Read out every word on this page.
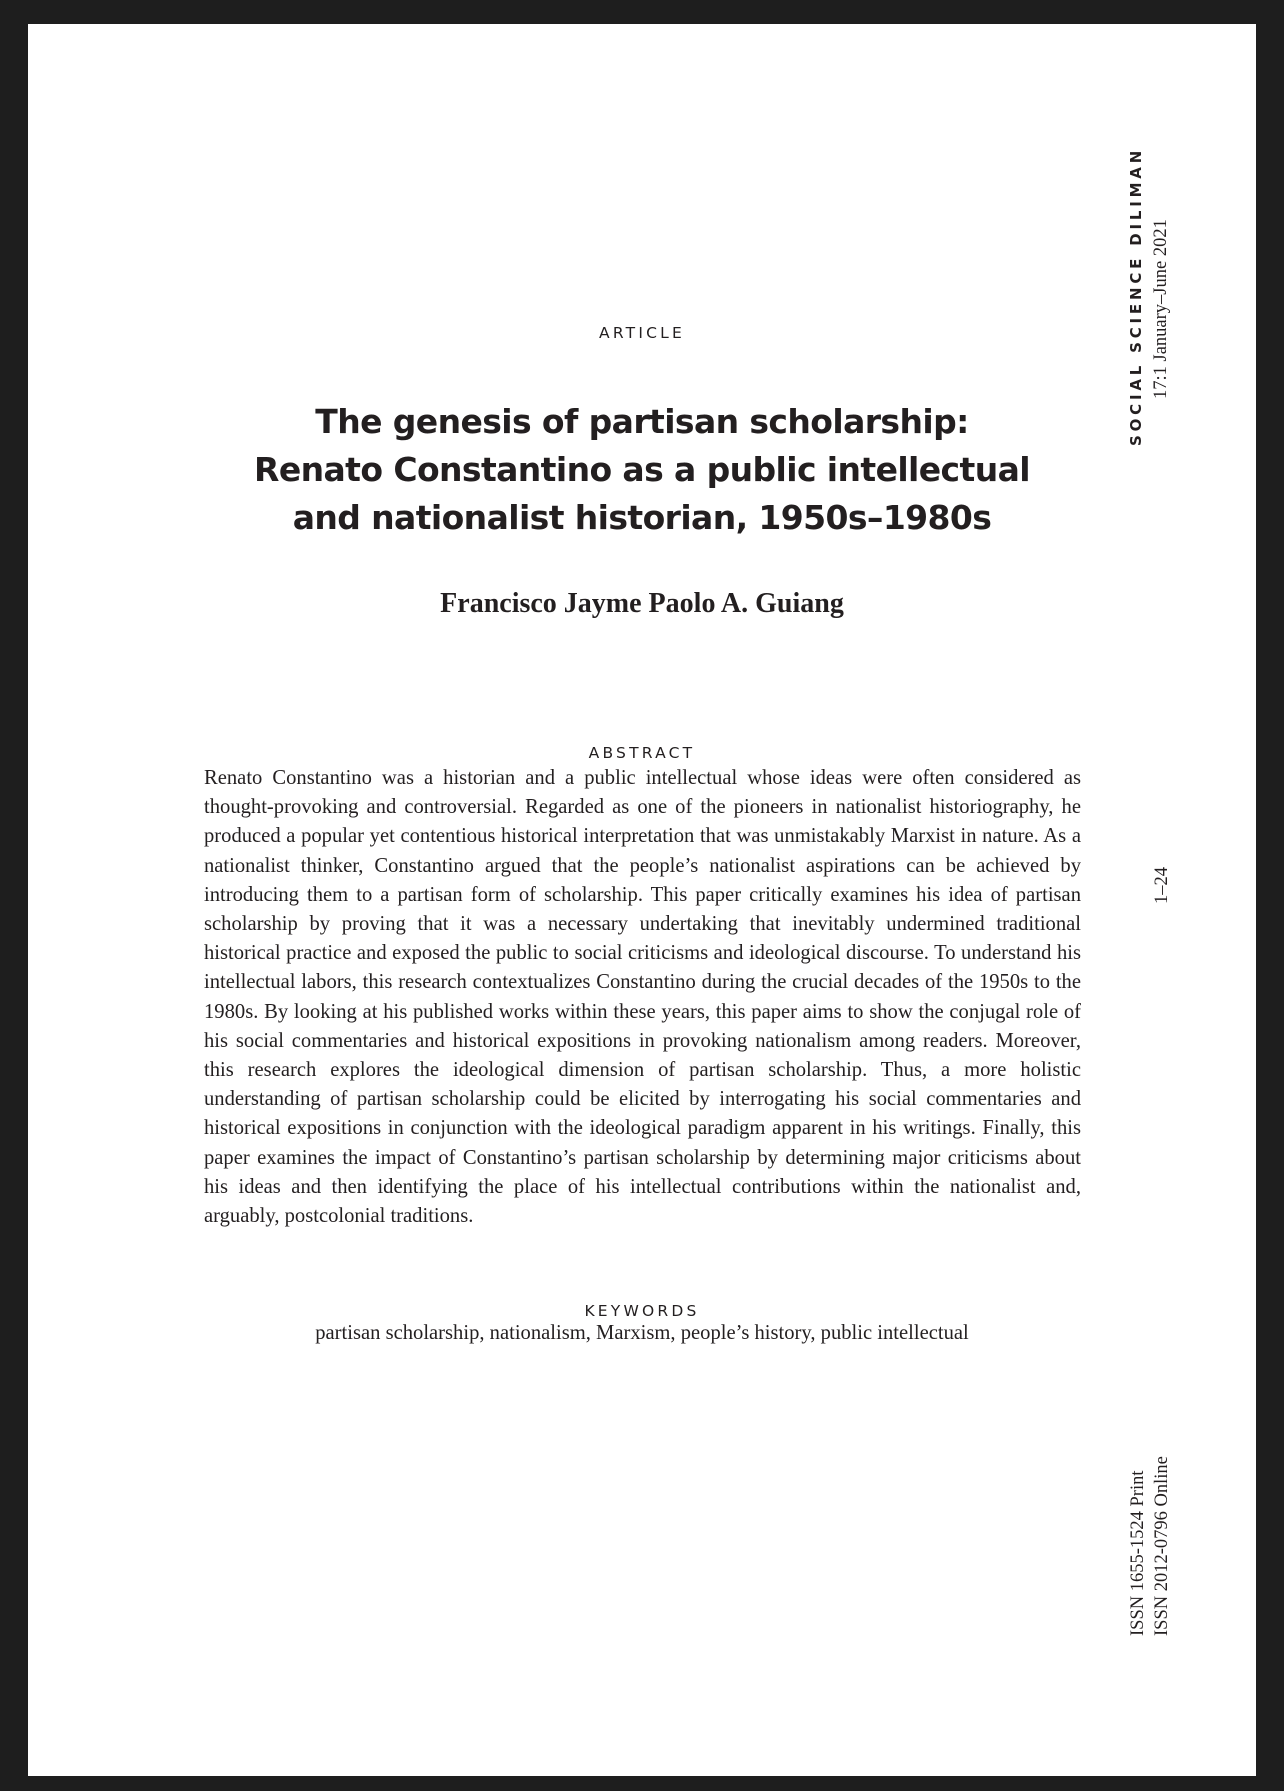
ARTICLE
The genesis of partisan scholarship:
Renato Constantino as a public intellectual
and nationalist historian, 1950s–1980s
Francisco Jayme Paolo A. Guiang
ABSTRACT

Renato Constantino was a historian and a public intellectual whose ideas were often considered as thought-provoking and controversial. Regarded as one of the pioneers in nationalist historiography, he produced a popular yet contentious historical interpretation that was unmistakably Marxist in nature. As a nationalist thinker, Constantino argued that the people’s nationalist aspirations can be achieved by introducing them to a partisan form of scholarship. This paper critically examines his idea of partisan scholarship by proving that it was a necessary undertaking that inevitably undermined traditional historical practice and exposed the public to social criticisms and ideological discourse. To understand his intellectual labors, this research contextualizes Constantino during the crucial decades of the 1950s to the 1980s. By looking at his published works within these years, this paper aims to show the conjugal role of his social commentaries and historical expositions in provoking nationalism among readers. Moreover, this research explores the ideological dimension of partisan scholarship. Thus, a more holistic understanding of partisan scholarship could be elicited by interrogating his social commentaries and historical expositions in conjunction with the ideological paradigm apparent in his writings. Finally, this paper examines the impact of Constantino’s partisan scholarship by determining major criticisms about his ideas and then identifying the place of his intellectual contributions within the nationalist and, arguably, postcolonial traditions.

KEYWORDS
partisan scholarship, nationalism, Marxism, people’s history, public intellectual
SOCIAL SCIENCE DILIMAN 17:1 January–June 2021
1–24
ISSN 1655-1524 Print ISSN 2012-0796 Online
